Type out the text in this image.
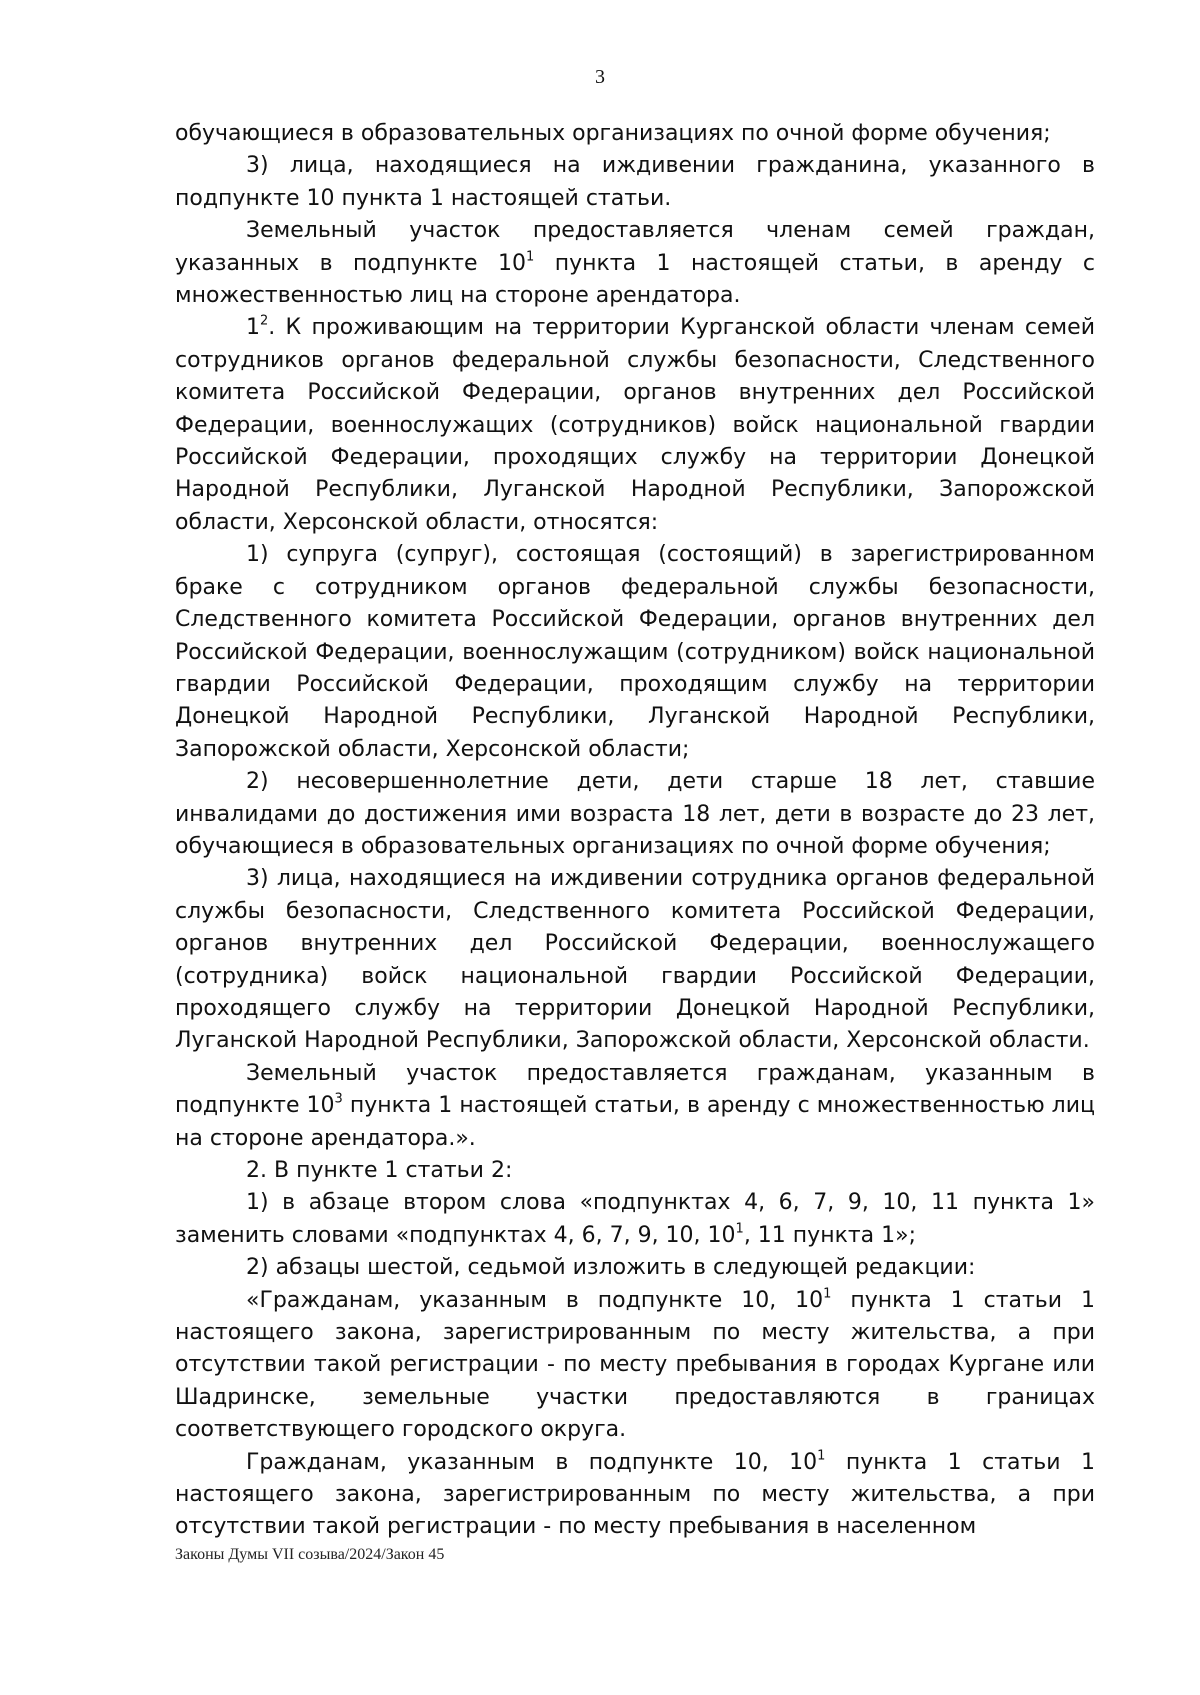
3

обучающиеся в образовательных организациях по очной форме обучения;

3) лица, находящиеся на иждивении гражданина, указанного в подпункте 10 пункта 1 настоящей статьи.

Земельный участок предоставляется членам семей граждан, указанных в подпункте $10^1$ пункта 1 настоящей статьи, в аренду с множественностью лиц на стороне арендатора.

$1^2$. К проживающим на территории Курганской области членам семей сотрудников органов федеральной службы безопасности, Следственного комитета Российской Федерации, органов внутренних дел Российской Федерации, военнослужащих (сотрудников) войск национальной гвардии Российской Федерации, проходящих службу на территории Донецкой Народной Республики, Луганской Народной Республики, Запорожской области, Херсонской области, относятся:

1) супруга (супруг), состоящая (состоящий) в зарегистрированном браке с сотрудником органов федеральной службы безопасности, Следственного комитета Российской Федерации, органов внутренних дел Российской Федерации, военнослужащим (сотрудником) войск национальной гвардии Российской Федерации, проходящим службу на территории Донецкой Народной Республики, Луганской Народной Республики, Запорожской области, Херсонской области;

2) несовершеннолетние дети, дети старше 18 лет, ставшие инвалидами до достижения ими возраста 18 лет, дети в возрасте до 23 лет, обучающиеся в образовательных организациях по очной форме обучения;

3) лица, находящиеся на иждивении сотрудника органов федеральной службы безопасности, Следственного комитета Российской Федерации, органов внутренних дел Российской Федерации, военнослужащего (сотрудника) войск национальной гвардии Российской Федерации, проходящего службу на территории Донецкой Народной Республики, Луганской Народной Республики, Запорожской области, Херсонской области.

Земельный участок предоставляется гражданам, указанным в подпункте $10^3$ пункта 1 настоящей статьи, в аренду с множественностью лиц на стороне арендатора.».

2. В пункте 1 статьи 2:

1) в абзаце втором слова «подпунктах 4, 6, 7, 9, 10, 11 пункта 1» заменить словами «подпунктах 4, 6, 7, 9, 10, $10^1$, 11 пункта 1»;

2) абзацы шестой, седьмой изложить в следующей редакции:

«Гражданам, указанным в подпункте 10, $10^1$ пункта 1 статьи 1 настоящего закона, зарегистрированным по месту жительства, а при отсутствии такой регистрации - по месту пребывания в городах Кургане или Шадринске, земельные участки предоставляются в границах соответствующего городского округа.

Гражданам, указанным в подпункте 10, $10^1$ пункта 1 статьи 1 настоящего закона, зарегистрированным по месту жительства, а при отсутствии такой регистрации - по месту пребывания в населенном

Законы Думы VII созыва/2024/Закон 45
